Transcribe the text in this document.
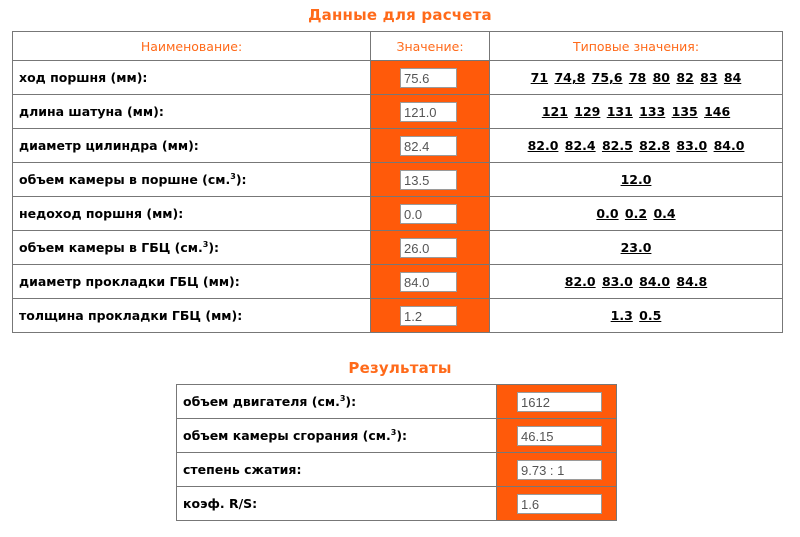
Данные для расчета
Наименование:	Значение:	Типовые значения:
ход поршня (мм):	75.6	71 74,8 75,6 78 80 82 83 84
длина шатуна (мм):	121.0	121 129 131 133 135 146
диаметр цилиндра (мм):	82.4	82.0 82.4 82.5 82.8 83.0 84.0
объем камеры в поршне (см.$^3$):	13.5	12.0
недоход поршня (мм):	0.0	0.0 0.2 0.4
объем камеры в ГБЦ (см.$^3$):	26.0	23.0
диаметр прокладки ГБЦ (мм):	84.0	82.0 83.0 84.0 84.8
толщина прокладки ГБЦ (мм):	1.2	1.3 0.5
Результаты
объем двигателя (см.$^3$):	1612

объем камеры сгорания (см.$^3$):	46.15

степень сжатия:	9.73 : 1

коэф. R/S:	1.6
